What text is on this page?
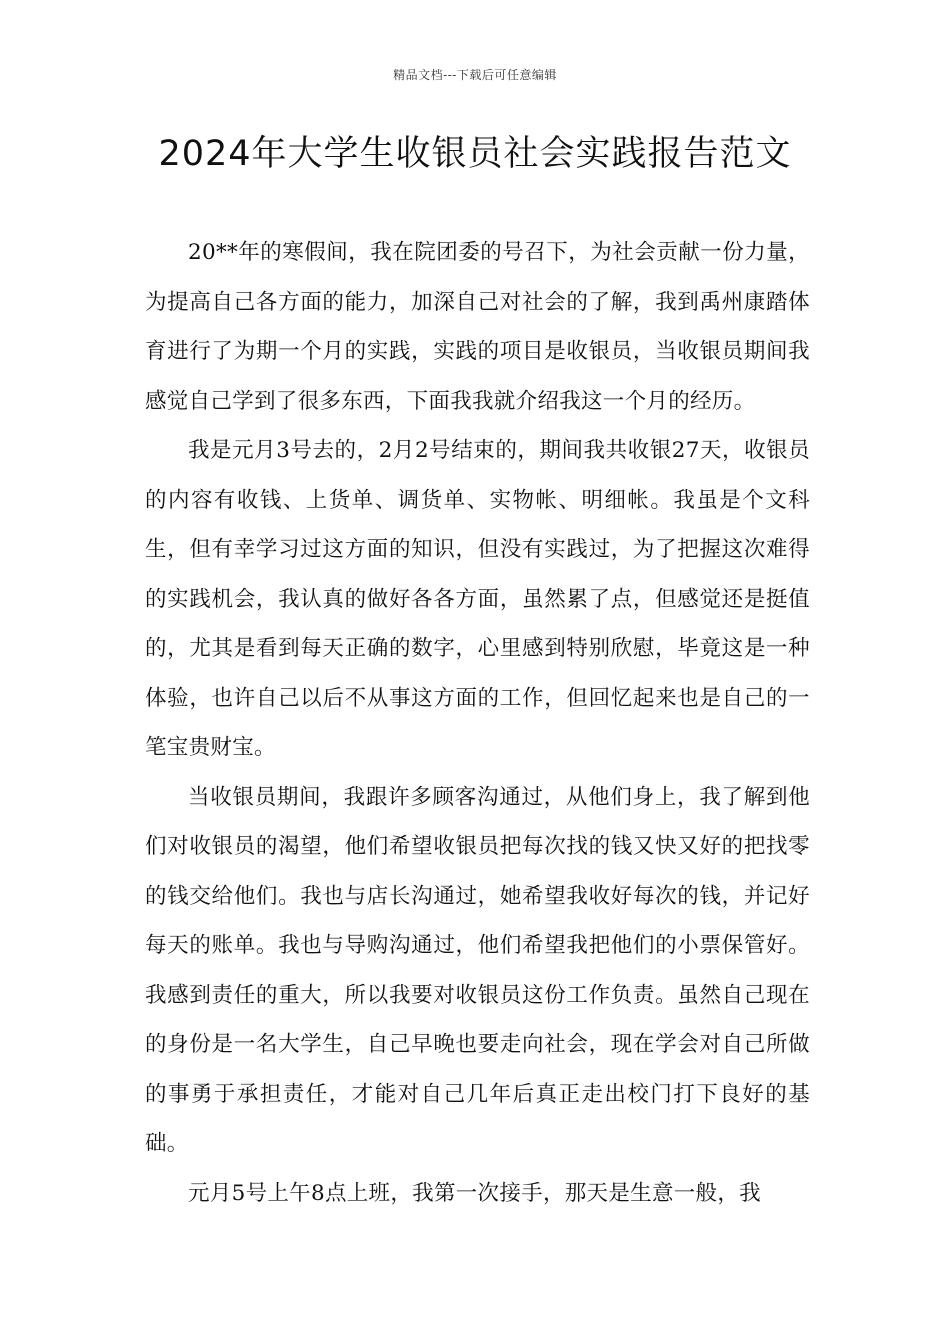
精品文档---下载后可任意编辑
2024年大学生收银员社会实践报告范文

20**年的寒假间，我在院团委的号召下，为社会贡献一份力量，为提高自己各方面的能力，加深自己对社会的了解，我到禹州康踏体育进行了为期一个月的实践，实践的项目是收银员，当收银员期间我感觉自己学到了很多东西，下面我我就介绍我这一个月的经历。

我是元月3号去的，2月2号结束的，期间我共收银27天，收银员的内容有收钱、上货单、调货单、实物帐、明细帐。我虽是个文科生，但有幸学习过这方面的知识，但没有实践过，为了把握这次难得的实践机会，我认真的做好各各方面，虽然累了点，但感觉还是挺值的，尤其是看到每天正确的数字，心里感到特别欣慰，毕竟这是一种体验，也许自己以后不从事这方面的工作，但回忆起来也是自己的一笔宝贵财宝。

当收银员期间，我跟许多顾客沟通过，从他们身上，我了解到他们对收银员的渴望，他们希望收银员把每次找的钱又快又好的把找零的钱交给他们。我也与店长沟通过，她希望我收好每次的钱，并记好每天的账单。我也与导购沟通过，他们希望我把他们的小票保管好。我感到责任的重大，所以我要对收银员这份工作负责。虽然自己现在的身份是一名大学生，自己早晚也要走向社会，现在学会对自己所做的事勇于承担责任，才能对自己几年后真正走出校门打下良好的基础。

元月5号上午8点上班，我第一次接手，那天是生意一般，我
